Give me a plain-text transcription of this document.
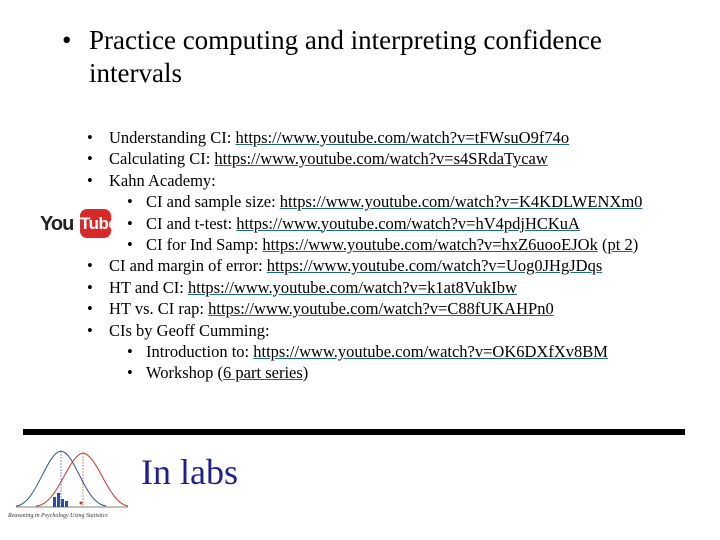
• Practice computing and interpreting confidence intervals
• Understanding CI: https://www.youtube.com/watch?v=tFWsuO9f74o
• Calculating CI: https://www.youtube.com/watch?v=s4SRdaTycaw
• Kahn Academy:
• CI and sample size: https://www.youtube.com/watch?v=K4KDLWENXm0
• CI and t-test: https://www.youtube.com/watch?v=hV4pdjHCKuA
• CI for Ind Samp: https://www.youtube.com/watch?v=hxZ6uooEJOk (pt 2)
• CI and margin of error: https://www.youtube.com/watch?v=Uog0JHgJDqs
• HT and CI: https://www.youtube.com/watch?v=k1at8VukIbw
• HT vs. CI rap: https://www.youtube.com/watch?v=C88fUKAHPn0
• CIs by Geoff Cumming:
• Introduction to: https://www.youtube.com/watch?v=OK6DXfXv8BM
• Workshop (6 part series)
You Tube
Reasoning in Psychology Using Statistics
In labs
